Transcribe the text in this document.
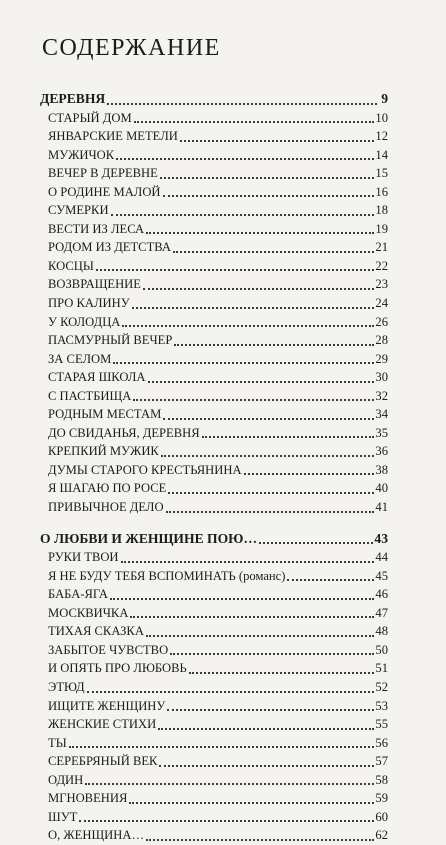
СОДЕРЖАНИЕ
ДЕРЕВНЯ	9
СТАРЫЙ ДОМ	10
ЯНВАРСКИЕ МЕТЕЛИ	12
МУЖИЧОК	14
ВЕЧЕР В ДЕРЕВНЕ	15
О РОДИНЕ МАЛОЙ	16
СУМЕРКИ	18
ВЕСТИ ИЗ ЛЕСА	19
РОДОМ ИЗ ДЕТСТВА	21
КОСЦЫ	22
ВОЗВРАЩЕНИЕ	23
ПРО КАЛИНУ	24
У КОЛОДЦА	26
ПАСМУРНЫЙ ВЕЧЕР	28
ЗА СЕЛОМ	29
СТАРАЯ ШКОЛА	30
С ПАСТБИЩА	32
РОДНЫМ МЕСТАМ	34
ДО СВИДАНЬЯ, ДЕРЕВНЯ	35
КРЕПКИЙ МУЖИК	36
ДУМЫ СТАРОГО КРЕСТЬЯНИНА	38
Я ШАГАЮ ПО РОСЕ	40
ПРИВЫЧНОЕ ДЕЛО	41
О ЛЮБВИ И ЖЕНЩИНЕ ПОЮ…	43
РУКИ ТВОИ	44
Я НЕ БУДУ ТЕБЯ ВСПОМИНАТЬ (романс)	45
БАБА-ЯГА	46
МОСКВИЧКА	47
ТИХАЯ СКАЗКА	48
ЗАБЫТОЕ ЧУВСТВО	50
И ОПЯТЬ ПРО ЛЮБОВЬ	51
ЭТЮД	52
ИЩИТЕ ЖЕНЩИНУ	53
ЖЕНСКИЕ СТИХИ	55
ТЫ	56
СЕРЕБРЯНЫЙ ВЕК	57
ОДИН	58
МГНОВЕНИЯ	59
ШУТ	60
О, ЖЕНЩИНА…	62
